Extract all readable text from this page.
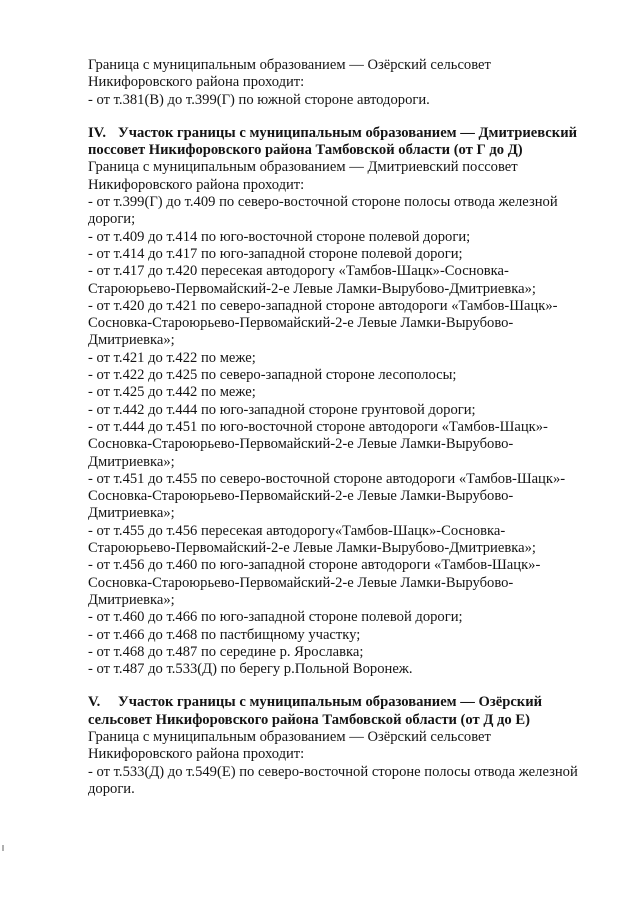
Граница с муниципальным образованием — Озёрский сельсовет Никифоровского района проходит:
- от т.381(В) до т.399(Г) по южной стороне автодороги.
IV. Участок границы с муниципальным образованием — Дмитриевский поссовет Никифоровского района Тамбовской области (от Г до Д)
Граница с муниципальным образованием — Дмитриевский поссовет Никифоровского района проходит:
- от т.399(Г) до т.409 по северо-восточной стороне полосы отвода железной дороги;
- от т.409 до т.414 по юго-восточной стороне полевой дороги;
- от т.414 до т.417 по юго-западной стороне полевой дороги;
- от т.417 до т.420 пересекая автодорогу «Тамбов-Шацк»-Сосновка-Староюрьево-Первомайский-2-е Левые Ламки-Вырубово-Дмитриевка»;
- от т.420 до т.421 по северо-западной стороне автодороги «Тамбов-Шацк»-Сосновка-Староюрьево-Первомайский-2-е Левые Ламки-Вырубово-Дмитриевка»;
- от т.421 до т.422 по меже;
- от т.422 до т.425 по северо-западной стороне лесополосы;
- от т.425 до т.442 по меже;
- от т.442 до т.444 по юго-западной стороне грунтовой дороги;
- от т.444 до т.451 по юго-восточной стороне автодороги «Тамбов-Шацк»-Сосновка-Староюрьево-Первомайский-2-е Левые Ламки-Вырубово-Дмитриевка»;
- от т.451 до т.455 по северо-восточной стороне автодороги «Тамбов-Шацк»-Сосновка-Староюрьево-Первомайский-2-е Левые Ламки-Вырубово-Дмитриевка»;
- от т.455 до т.456 пересекая автодорогу«Тамбов-Шацк»-Сосновка-Староюрьево-Первомайский-2-е Левые Ламки-Вырубово-Дмитриевка»;
- от т.456 до т.460 по юго-западной стороне автодороги «Тамбов-Шацк»-Сосновка-Староюрьево-Первомайский-2-е Левые Ламки-Вырубово-Дмитриевка»;
- от т.460 до т.466 по юго-западной стороне полевой дороги;
- от т.466 до т.468 по пастбищному участку;
- от т.468 до т.487 по середине р. Ярославка;
- от т.487 до т.533(Д) по берегу р.Польной Воронеж.
V. Участок границы с муниципальным образованием — Озёрский сельсовет Никифоровского района Тамбовской области (от Д до Е)
Граница с муниципальным образованием — Озёрский сельсовет Никифоровского района проходит:
- от т.533(Д) до т.549(Е) по северо-восточной стороне полосы отвода железной дороги.
